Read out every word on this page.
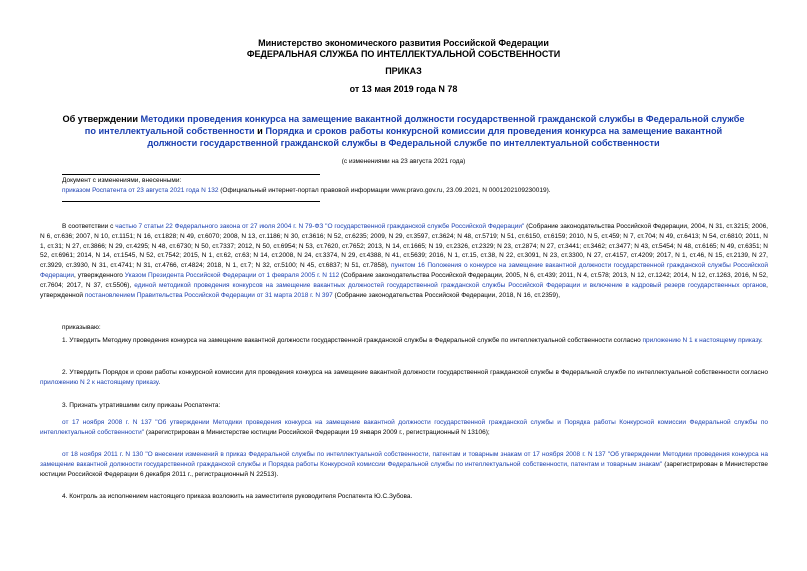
Министерство экономического развития Российской Федерации
ФЕДЕРАЛЬНАЯ СЛУЖБА ПО ИНТЕЛЛЕКТУАЛЬНОЙ СОБСТВЕННОСТИ
ПРИКАЗ
от 13 мая 2019 года N 78
Об утверждении Методики проведения конкурса на замещение вакантной должности государственной гражданской службы в Федеральной службе по интеллектуальной собственности и Порядка и сроков работы конкурсной комиссии для проведения конкурса на замещение вакантной должности государственной гражданской службы в Федеральной службе по интеллектуальной собственности
(с изменениями на 23 августа 2021 года)
Документ с изменениями, внесенными:
приказом Роспатента от 23 августа 2021 года N 132 (Официальный интернет-портал правовой информации www.pravo.gov.ru, 23.09.2021, N 0001202109230019).
В соответствии с частью 7 статьи 22 Федерального закона от 27 июля 2004 г. N 79-ФЗ "О государственной гражданской службе Российской Федерации" (Собрание законодательства Российской Федерации, 2004, N 31, ст.3215; 2006, N 6, ст.636; 2007, N 10, ст.1151; N 16, ст.1828; N 49, ст.6070; 2008, N 13, ст.1186; N 30, ст.3616; N 52, ст.6235; 2009, N 29, ст.3597, ст.3624; N 48, ст.5719; N 51, ст.6150, ст.6159; 2010, N 5, ст.459; N 7, ст.704; N 49, ст.6413; N 54, ст.6810; 2011, N 1, ст.31; N 27, ст.3866; N 29, ст.4295; N 48, ст.6730; N 50, ст.7337; 2012, N 50, ст.6954; N 53, ст.7620, ст.7652; 2013, N 14, ст.1665; N 19, ст.2326, ст.2329; N 23, ст.2874; N 27, ст.3441; ст.3462; ст.3477; N 43, ст.5454; N 48, ст.6165; N 49, ст.6351; N 52, ст.6961; 2014, N 14, ст.1545, N 52, ст.7542; 2015, N 1, ст.62, ст.63; N 14, ст.2008, N 24, ст.3374, N 29, ст.4388, N 41, ст.5639; 2016, N 1, ст.15, ст.38, N 22, ст.3091, N 23, ст.3300, N 27, ст.4157, ст.4209; 2017, N 1, ст.46, N 15, ст.2139, N 27, ст.3929, ст.3930, N 31, ст.4741; N 31, ст.4766, ст.4824; 2018, N 1, ст.7; N 32, ст.5100; N 45, ст.6837; N 51, ст.7858), пунктом 16 Положения о конкурсе на замещение вакантной должности государственной гражданской службы Российской Федерации, утвержденного Указом Президента Российской Федерации от 1 февраля 2005 г. N 112 (Собрание законодательства Российской Федерации, 2005, N 6, ст.439; 2011, N 4, ст.578; 2013, N 12, ст.1242; 2014, N 12, ст.1263, 2016, N 52, ст.7604; 2017, N 37, ст.5506), единой методикой проведения конкурсов на замещение вакантных должностей государственной гражданской службы Российской Федерации и включение в кадровый резерв государственных органов, утвержденной постановлением Правительства Российской Федерации от 31 марта 2018 г. N 397 (Собрание законодательства Российской Федерации, 2018, N 16, ст.2359),
приказываю:
1. Утвердить Методику проведения конкурса на замещение вакантной должности государственной гражданской службы в Федеральной службе по интеллектуальной собственности согласно приложению N 1 к настоящему приказу.
2. Утвердить Порядок и сроки работы конкурсной комиссии для проведения конкурса на замещение вакантной должности государственной гражданской службы в Федеральной службе по интеллектуальной собственности согласно приложению N 2 к настоящему приказу.
3. Признать утратившими силу приказы Роспатента:
от 17 ноября 2008 г. N 137 "Об утверждении Методики проведения конкурса на замещение вакантной должности государственной гражданской службы и Порядка работы Конкурсной комиссии Федеральной службы по интеллектуальной собственности" (зарегистрирован в Министерстве юстиции Российской Федерации 19 января 2009 г., регистрационный N 13106);
от 18 ноября 2011 г. N 130 "О внесении изменений в приказ Федеральной службы по интеллектуальной собственности, патентам и товарным знакам от 17 ноября 2008 г. N 137 "Об утверждении Методики проведения конкурса на замещение вакантной должности государственной гражданской службы и Порядка работы Конкурсной комиссии Федеральной службы по интеллектуальной собственности, патентам и товарным знакам" (зарегистрирован в Министерстве юстиции Российской Федерации 6 декабря 2011 г., регистрационный N 22513).
4. Контроль за исполнением настоящего приказа возложить на заместителя руководителя Роспатента Ю.С.Зубова.
